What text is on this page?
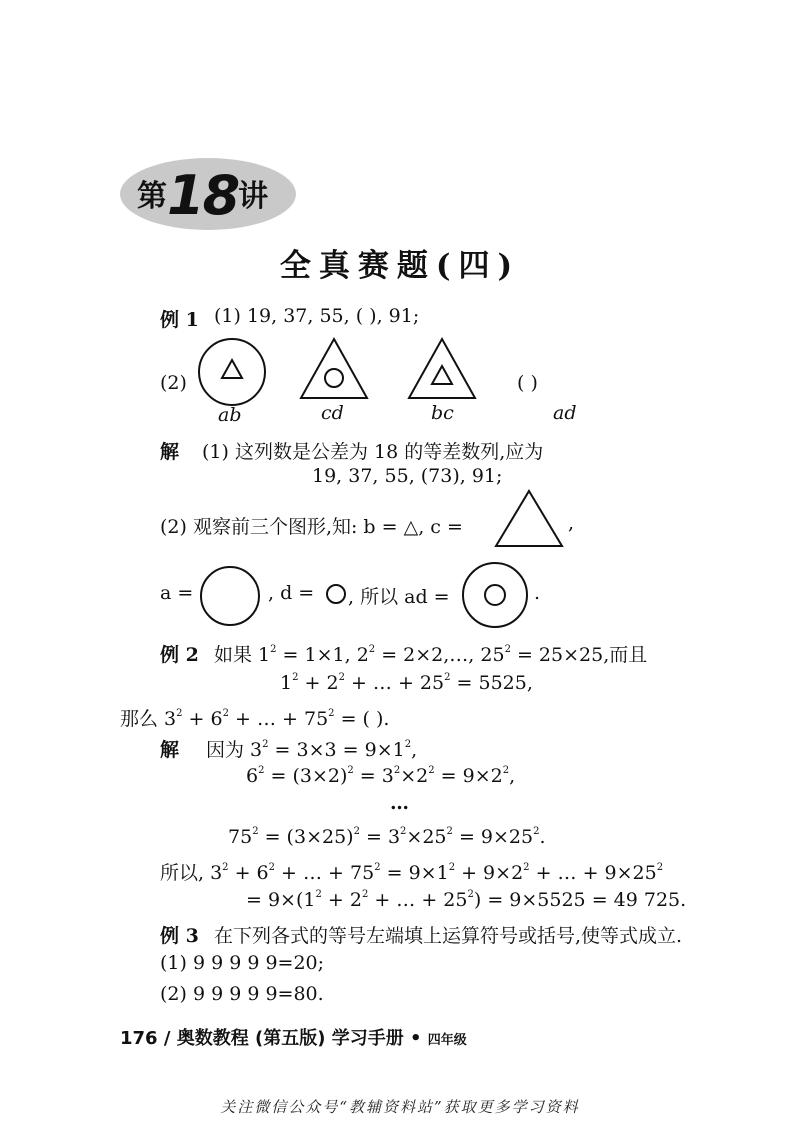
第18讲
全真赛题(四)
例 1 (1) 19, 37, 55, ( ), 91;
(2)	( )
ab	cd	bc	ad
解 (1) 这列数是公差为 18 的等差数列,应为
19, 37, 55, (73), 91;
(2) 观察前三个图形,知: b = △, c =	,
a =	, d = , 所以 ad =	.
例 2 如果 $1^2 = 1\times 1$, $2^2$ = 2×2,…, $25^2 = 25\times 25$,而且
$1^2 + 2^2$ + … + $25^2 = 5525$,
那么 $3^2 + 6^2$ + … + $75^2$ = ( ).
解 因为 $3^2 = 3\times 3 = 9\times 1^2$,
$6^2 = (3\times 2)^2 = 3^2\times 2^2 = 9\times 2^2$,
…
$75^2 = (3\times 25)^2 = 3^2\times 25^2 = 9\times 25^2$.
所以, $3^2 + 6^2$ + … + $75^2 = 9\times 1^2 + 9\times 2^2$ + … + $9\times 25^2$
= $9\times(1^2 + 2^2$ + … + $25^2) = 9\times 5525 = 49$ 725.
例 3 在下列各式的等号左端填上运算符号或括号,使等式成立.
(1) 9 9 9 9 9=20;
(2) 9 9 9 9 9=80.
176 / 奥数教程 (第五版) 学习手册 • 四年级
关注微信公众号“教辅资料站”获取更多学习资料
